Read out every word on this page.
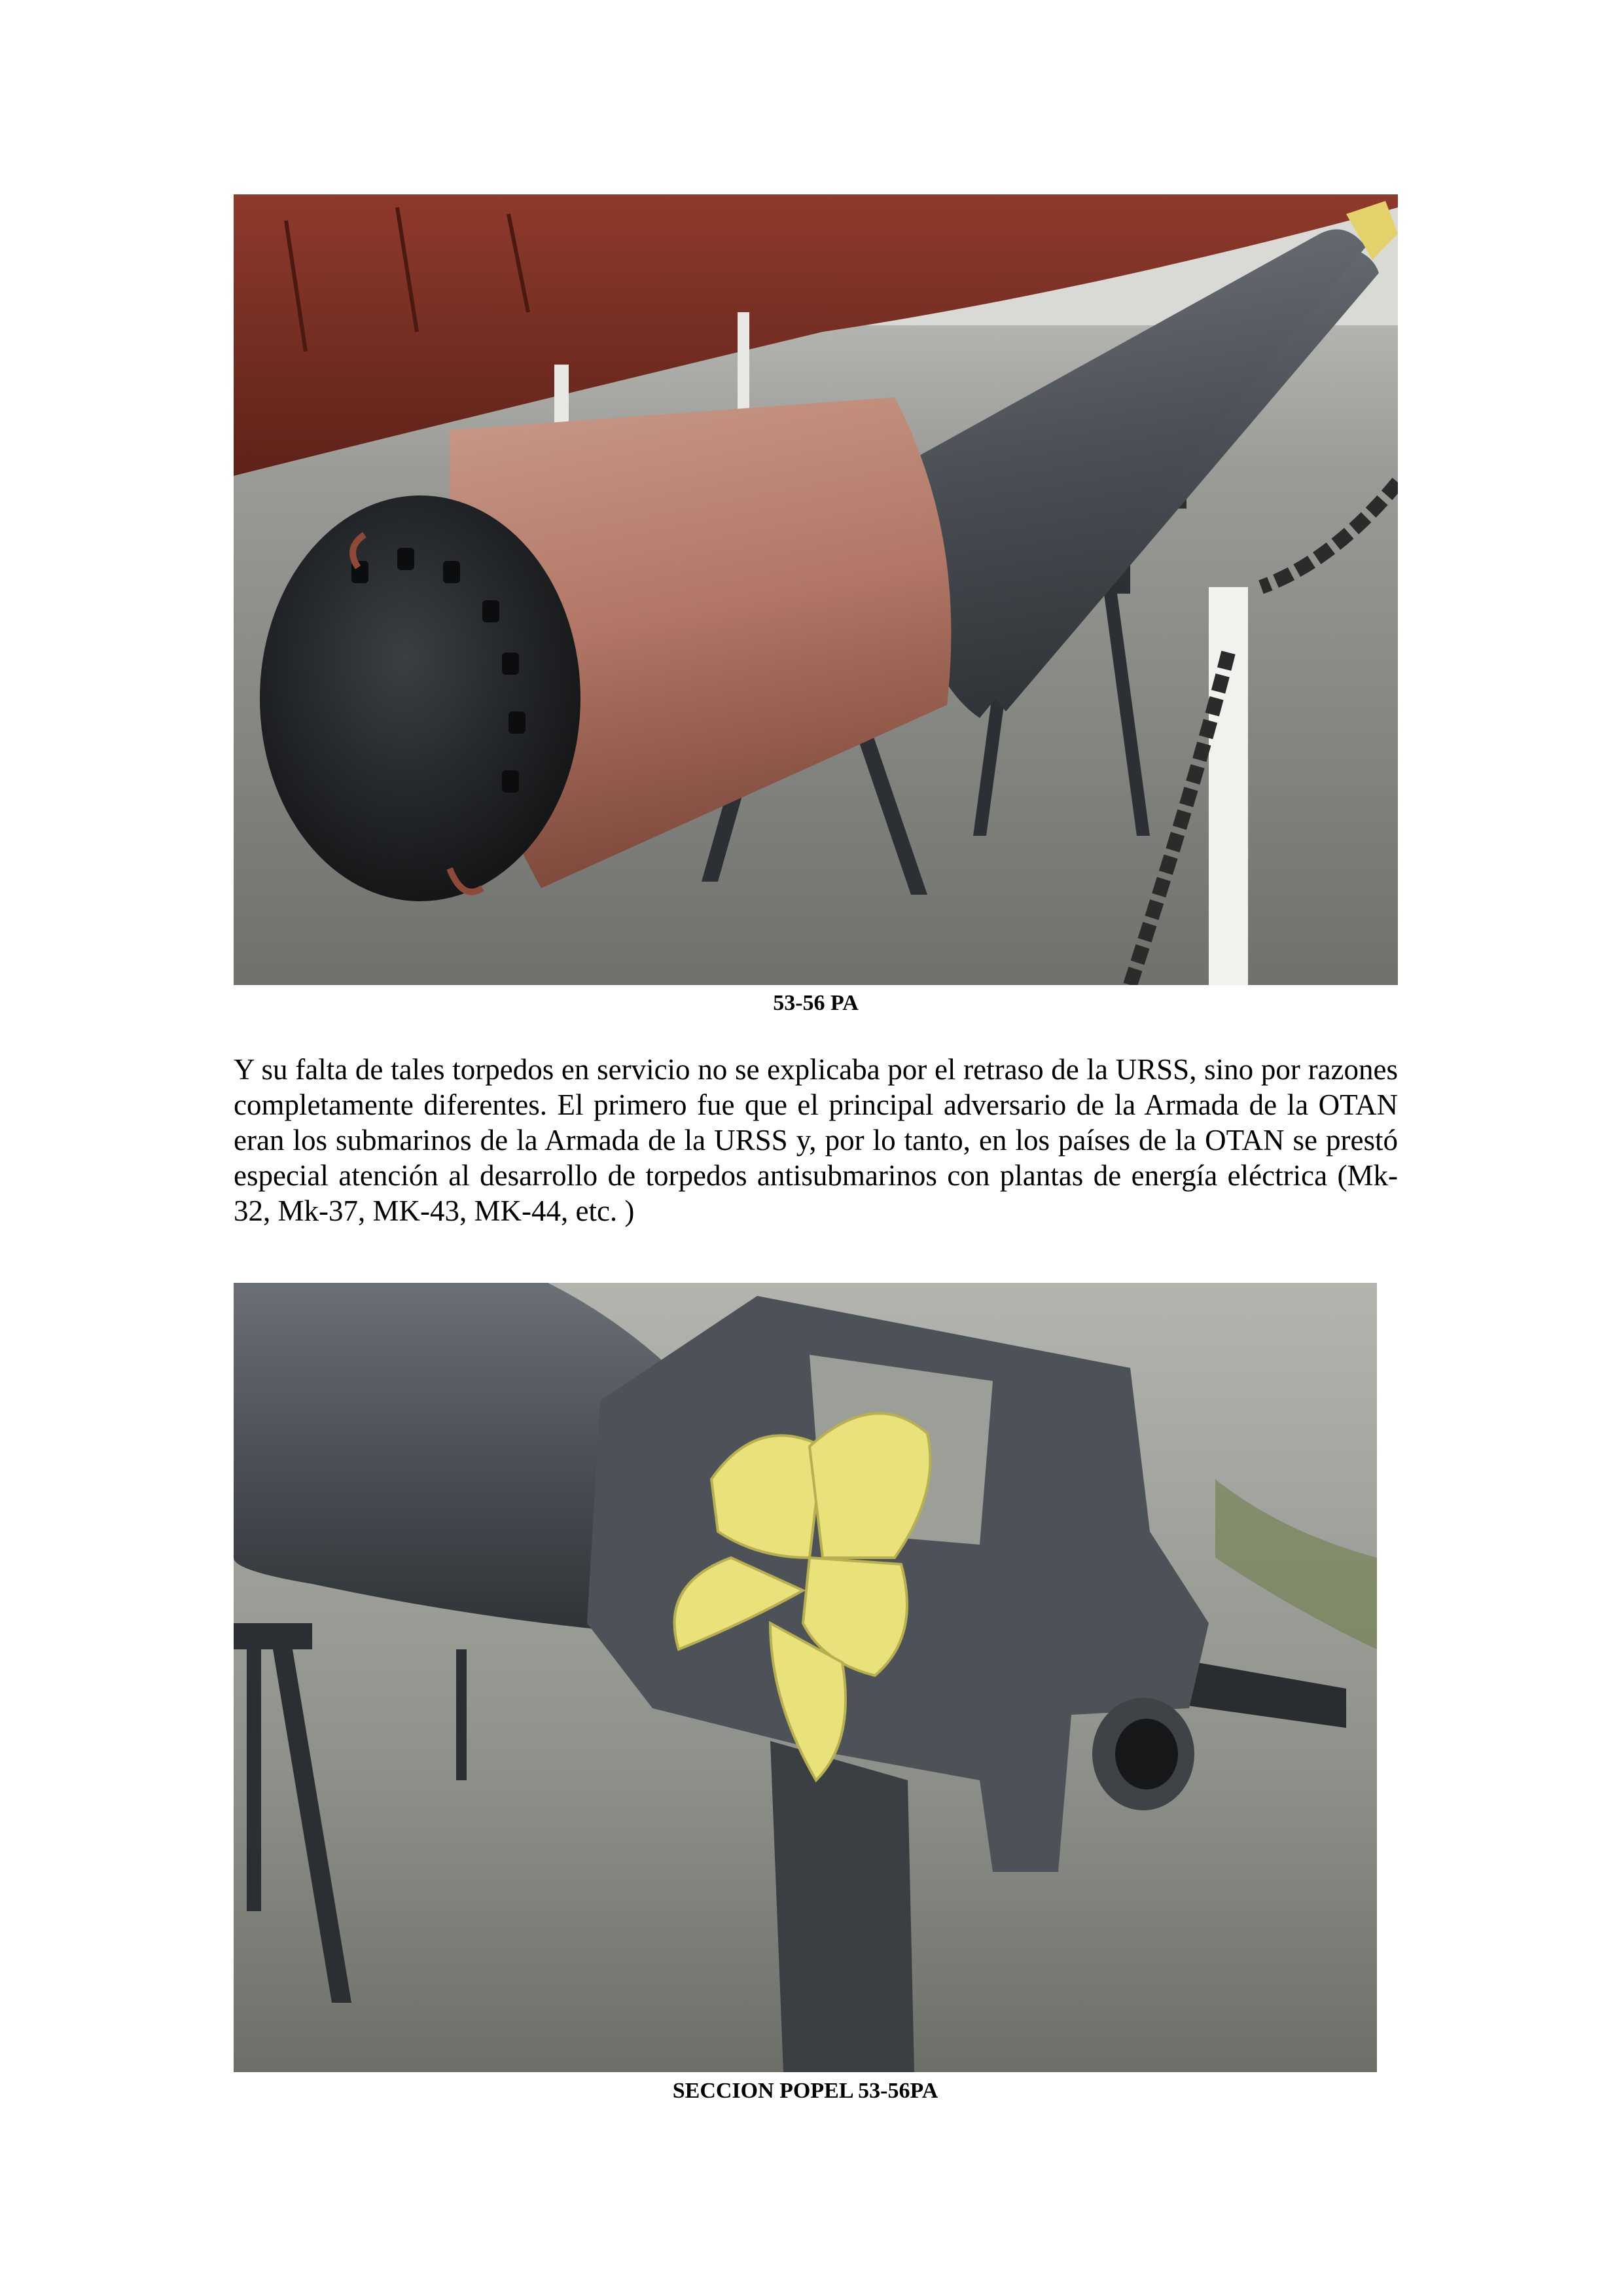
53-56 PA

Y su falta de tales torpedos en servicio no se explicaba por el retraso de la URSS, sino por razones completamente diferentes. El primero fue que el principal adversario de la Armada de la OTAN eran los submarinos de la Armada de la URSS y, por lo tanto, en los países de la OTAN se prestó especial atención al desarrollo de torpedos antisubmarinos con plantas de energía eléctrica (Mk-32, Mk-37, MK-43, MK-44, etc. )

SECCION POPEL 53-56PA
